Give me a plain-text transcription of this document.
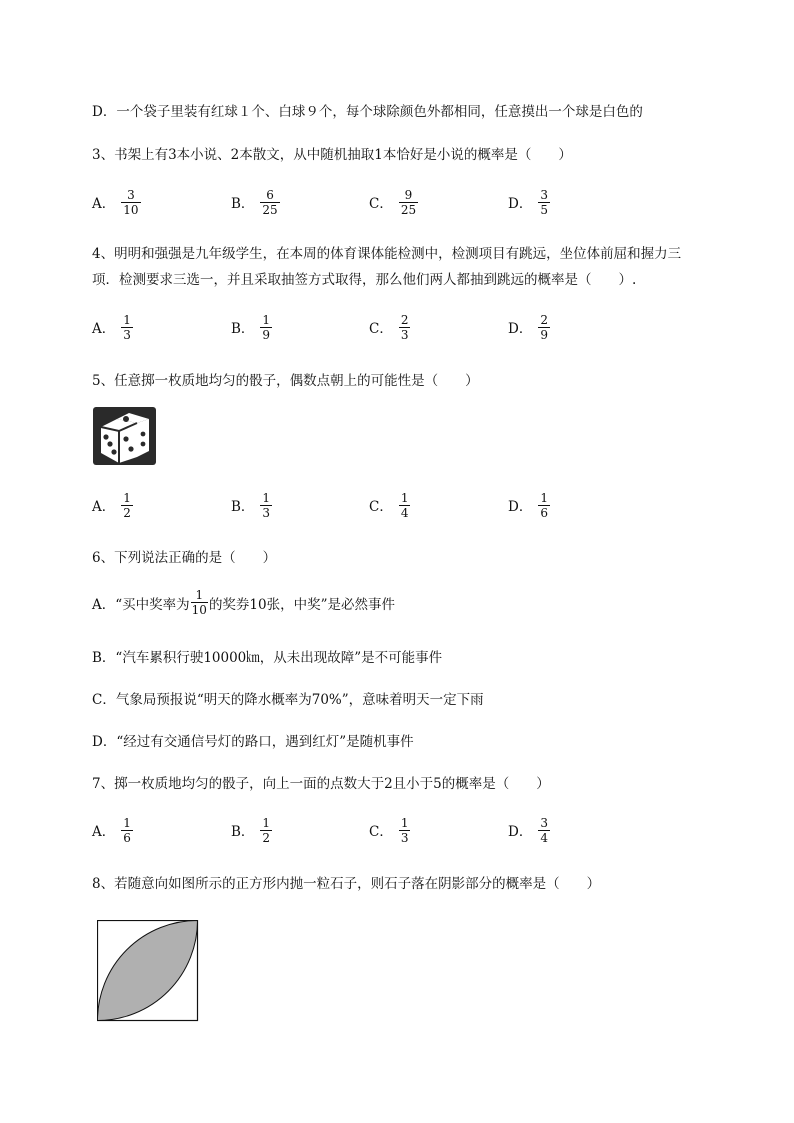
D．一个袋子里装有红球１个、白球９个，每个球除颜色外都相同，任意摸出一个球是白色的
3、书架上有3本小说、2本散文，从中随机抽取1本恰好是小说的概率是（　　）
A． $\frac{3}{10}$	B． $\frac{6}{25}$	C． $\frac{9}{25}$	D． $\frac{3}{5}$
4、明明和强强是九年级学生，在本周的体育课体能检测中，检测项目有跳远，坐位体前屈和握力三
项．检测要求三选一，并且采取抽签方式取得，那么他们两人都抽到跳远的概率是（　　）.
A． $\frac{1}{3}$	B． $\frac{1}{9}$	C． $\frac{2}{3}$	D． $\frac{2}{9}$
5、任意掷一枚质地均匀的骰子，偶数点朝上的可能性是（　　）
A． $\frac{1}{2}$	B． $\frac{1}{3}$	C． $\frac{1}{4}$	D． $\frac{1}{6}$
6、下列说法正确的是（　　）
A．“买中奖率为 $\frac{1}{10}$ 的奖券10张，中奖”是必然事件
B．“汽车累积行驶10000㎞，从未出现故障”是不可能事件
C．气象局预报说“明天的降水概率为70%”，意味着明天一定下雨
D．“经过有交通信号灯的路口，遇到红灯”是随机事件
7、掷一枚质地均匀的骰子，向上一面的点数大于2且小于5的概率是（　　）
A． $\frac{1}{6}$	B． $\frac{1}{2}$	C． $\frac{1}{3}$	D． $\frac{3}{4}$
8、若随意向如图所示的正方形内抛一粒石子，则石子落在阴影部分的概率是（　　）
